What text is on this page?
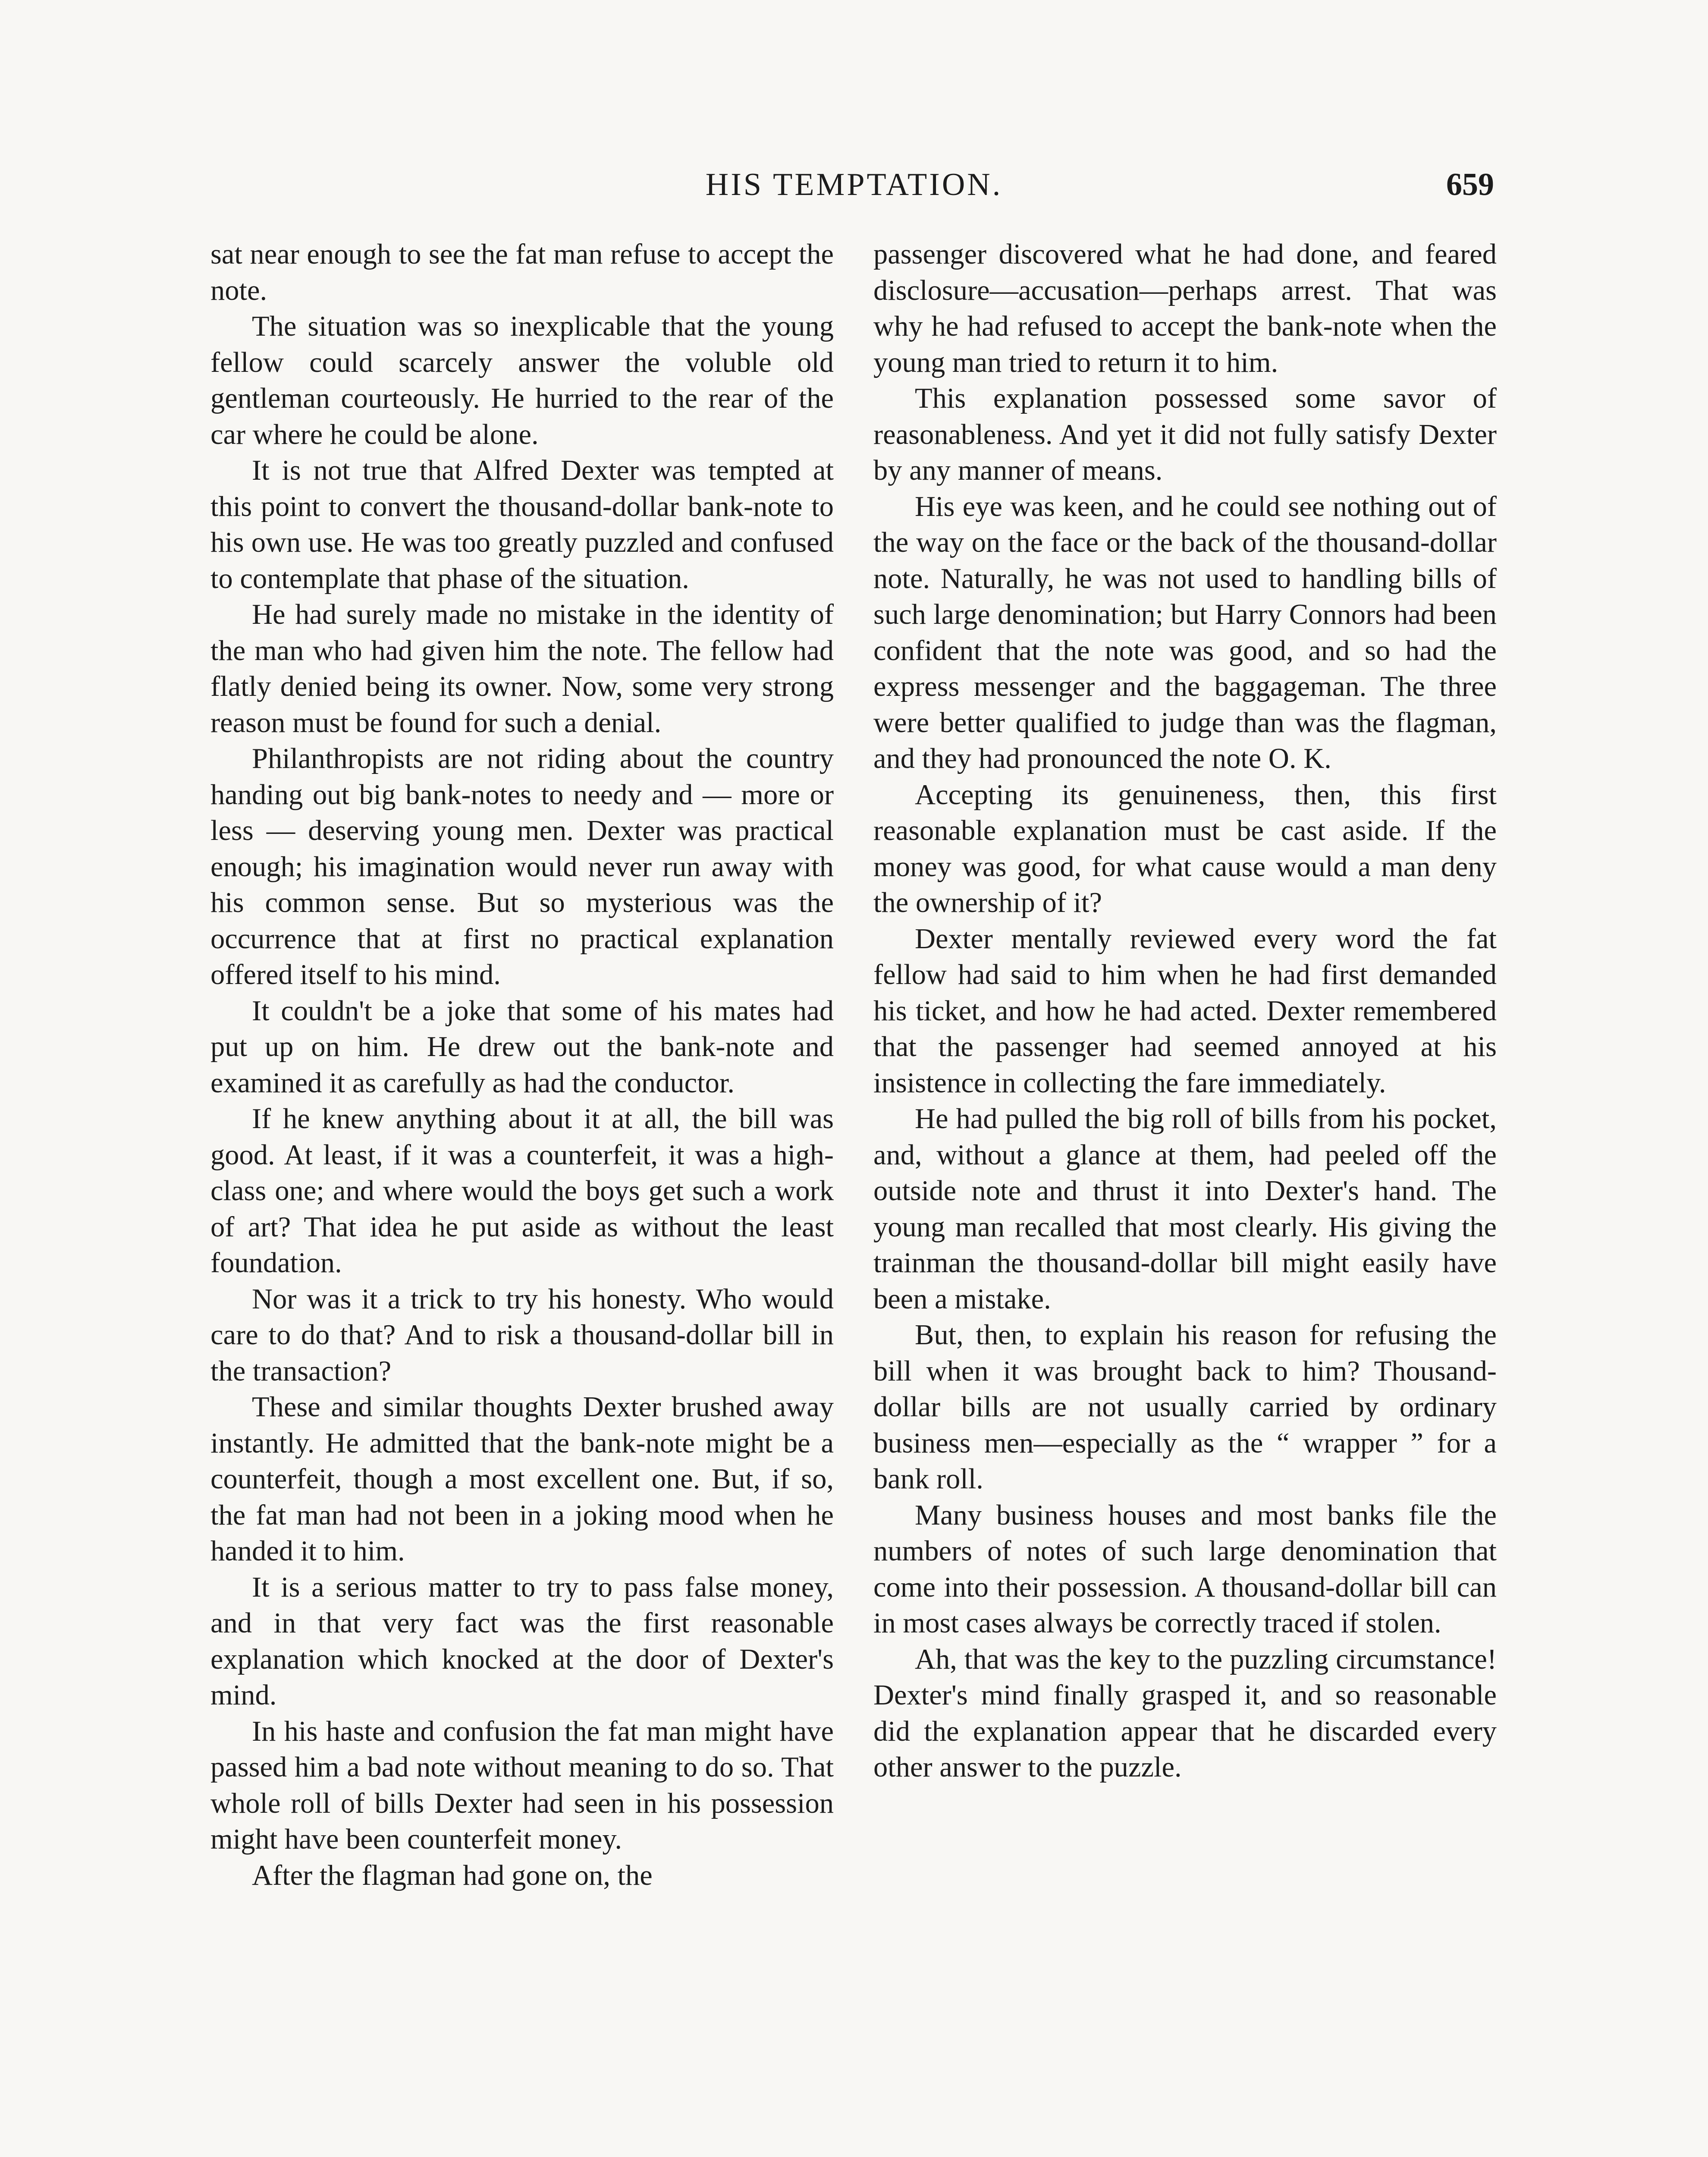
HIS TEMPTATION.	659

sat near enough to see the fat man refuse to accept the note.

The situation was so inexplicable that the young fellow could scarcely answer the voluble old gentleman courteously. He hurried to the rear of the car where he could be alone.

It is not true that Alfred Dexter was tempted at this point to convert the thousand-dollar bank-note to his own use. He was too greatly puzzled and confused to contemplate that phase of the situation.

He had surely made no mistake in the identity of the man who had given him the note. The fellow had flatly denied being its owner. Now, some very strong reason must be found for such a denial.

Philanthropists are not riding about the country handing out big bank-notes to needy and — more or less — deserving young men. Dexter was practical enough; his imagination would never run away with his common sense. But so mysterious was the occurrence that at first no practical explanation offered itself to his mind.

It couldn't be a joke that some of his mates had put up on him. He drew out the bank-note and examined it as carefully as had the conductor.

If he knew anything about it at all, the bill was good. At least, if it was a counterfeit, it was a high-class one; and where would the boys get such a work of art? That idea he put aside as without the least foundation.

Nor was it a trick to try his honesty. Who would care to do that? And to risk a thousand-dollar bill in the transaction?

These and similar thoughts Dexter brushed away instantly. He admitted that the bank-note might be a counterfeit, though a most excellent one. But, if so, the fat man had not been in a joking mood when he handed it to him.

It is a serious matter to try to pass false money, and in that very fact was the first reasonable explanation which knocked at the door of Dexter's mind.

In his haste and confusion the fat man might have passed him a bad note without meaning to do so. That whole roll of bills Dexter had seen in his possession might have been counterfeit money.

After the flagman had gone on, the

passenger discovered what he had done, and feared disclosure—accusation—perhaps arrest. That was why he had refused to accept the bank-note when the young man tried to return it to him.

This explanation possessed some savor of reasonableness. And yet it did not fully satisfy Dexter by any manner of means.

His eye was keen, and he could see nothing out of the way on the face or the back of the thousand-dollar note. Naturally, he was not used to handling bills of such large denomination; but Harry Connors had been confident that the note was good, and so had the express messenger and the baggageman. The three were better qualified to judge than was the flagman, and they had pronounced the note O. K.

Accepting its genuineness, then, this first reasonable explanation must be cast aside. If the money was good, for what cause would a man deny the ownership of it?

Dexter mentally reviewed every word the fat fellow had said to him when he had first demanded his ticket, and how he had acted. Dexter remembered that the passenger had seemed annoyed at his insistence in collecting the fare immediately.

He had pulled the big roll of bills from his pocket, and, without a glance at them, had peeled off the outside note and thrust it into Dexter's hand. The young man recalled that most clearly. His giving the trainman the thousand-dollar bill might easily have been a mistake.

But, then, to explain his reason for refusing the bill when it was brought back to him? Thousand-dollar bills are not usually carried by ordinary business men—especially as the “ wrapper ” for a bank roll.

Many business houses and most banks file the numbers of notes of such large denomination that come into their possession. A thousand-dollar bill can in most cases always be correctly traced if stolen.

Ah, that was the key to the puzzling circumstance! Dexter's mind finally grasped it, and so reasonable did the explanation appear that he discarded every other answer to the puzzle.
